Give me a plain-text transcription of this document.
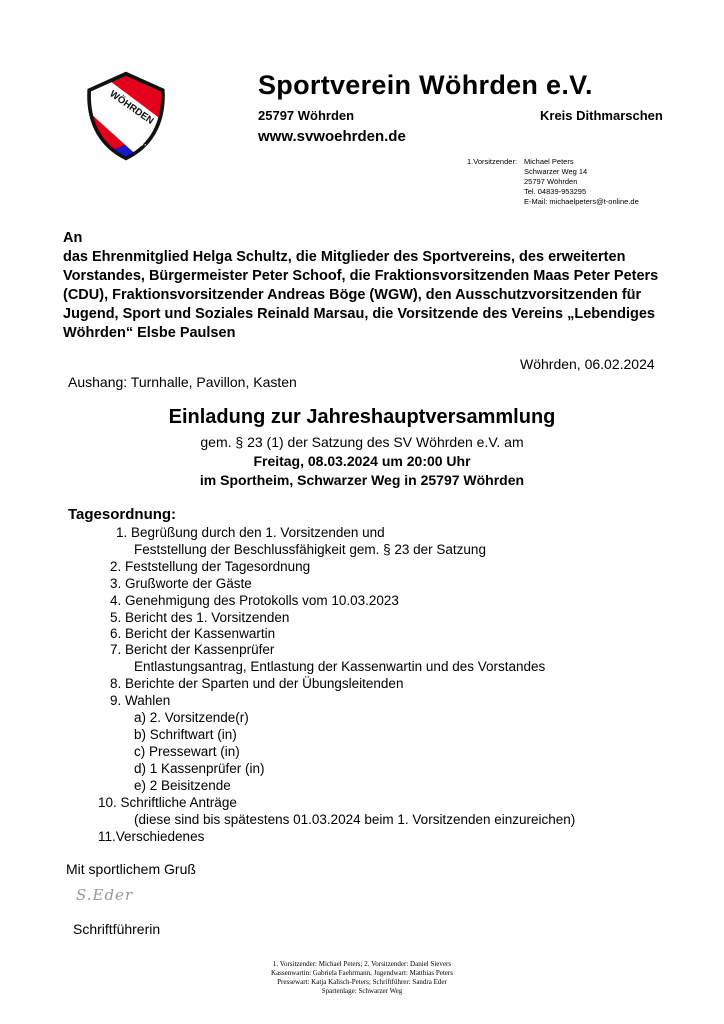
SV
WÖHRDEN
e.V.
Sportverein Wöhrden e.V.
25797 Wöhrden	Kreis Dithmarschen
www.svwoehrden.de
1.Vorsitzender: Michael Peters
Schwarzer Weg 14
25797 Wöhrden
Tel. 04839-953295
E-Mail: michaelpeters@t-online.de
An
das Ehrenmitglied Helga Schultz, die Mitglieder des Sportvereins, des erweiterten Vorstandes, Bürgermeister Peter Schoof, die Fraktionsvorsitzenden Maas Peter Peters (CDU), Fraktionsvorsitzender Andreas Böge (WGW), den Ausschutzvorsitzenden für Jugend, Sport und Soziales Reinald Marsau, die Vorsitzende des Vereins „Lebendiges Wöhrden“ Elsbe Paulsen
Wöhrden, 06.02.2024
Aushang: Turnhalle, Pavillon, Kasten
Einladung zur Jahreshauptversammlung
gem. § 23 (1) der Satzung des SV Wöhrden e.V. am
Freitag, 08.03.2024 um 20:00 Uhr
im Sportheim, Schwarzer Weg in 25797 Wöhrden
Tagesordnung:
1. Begrüßung durch den 1. Vorsitzenden und
Feststellung der Beschlussfähigkeit gem. § 23 der Satzung
2. Feststellung der Tagesordnung
3. Grußworte der Gäste
4. Genehmigung des Protokolls vom 10.03.2023
5. Bericht des 1. Vorsitzenden
6. Bericht der Kassenwartin
7. Bericht der Kassenprüfer
Entlastungsantrag, Entlastung der Kassenwartin und des Vorstandes
8. Berichte der Sparten und der Übungsleitenden
9. Wahlen
a) 2. Vorsitzende(r)
b) Schriftwart (in)
c) Pressewart (in)
d) 1 Kassenprüfer (in)
e) 2 Beisitzende
10. Schriftliche Anträge
(diese sind bis spätestens 01.03.2024 beim 1. Vorsitzenden einzureichen)
11.Verschiedenes
Mit sportlichem Gruß
S.Eder
Schriftführerin
1. Vorsitzender: Michael Peters; 2. Vorsitzender: Daniel Sievers
Kassenwartin: Gabriela Faehrmann, Jugendwart: Matthias Peters
Pressewart: Katja Kalisch-Peters; Schriftführer: Sandra Eder
Spartenlage: Schwarzer Weg
